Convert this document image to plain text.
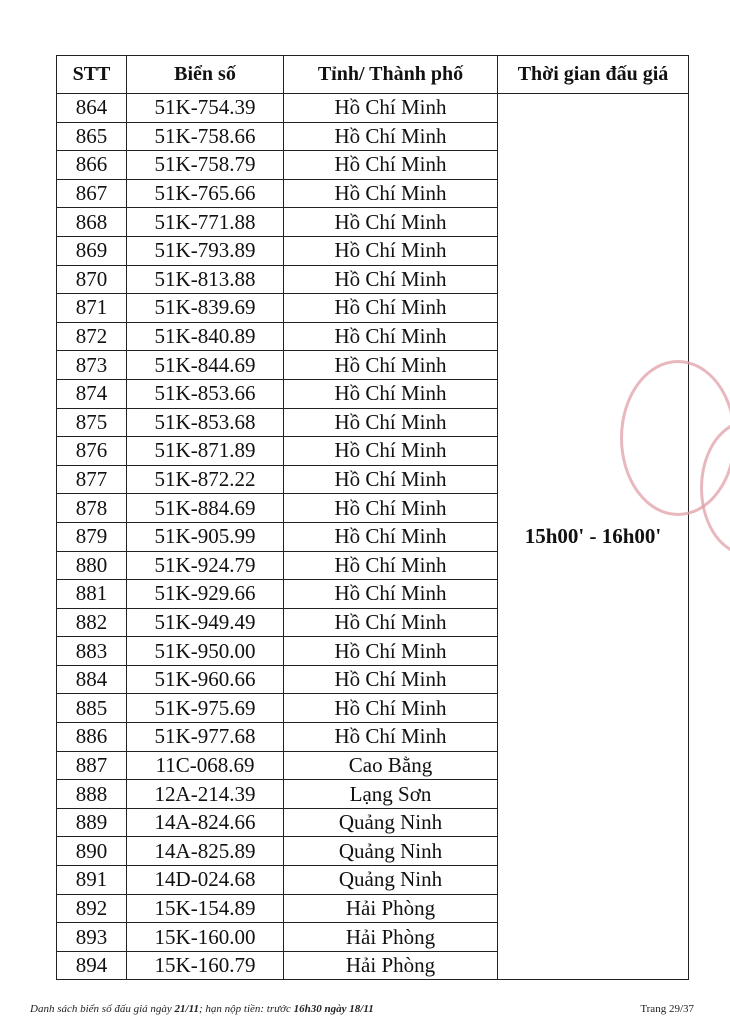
STT	Biển số	Tỉnh/ Thành phố	Thời gian đấu giá
864	51K-754.39	Hồ Chí Minh	15h00' - 16h00'
865	51K-758.66	Hồ Chí Minh	
866	51K-758.79	Hồ Chí Minh	
867	51K-765.66	Hồ Chí Minh	
868	51K-771.88	Hồ Chí Minh	
869	51K-793.89	Hồ Chí Minh	
870	51K-813.88	Hồ Chí Minh	
871	51K-839.69	Hồ Chí Minh	
872	51K-840.89	Hồ Chí Minh	
873	51K-844.69	Hồ Chí Minh	
874	51K-853.66	Hồ Chí Minh	
875	51K-853.68	Hồ Chí Minh	
876	51K-871.89	Hồ Chí Minh	
877	51K-872.22	Hồ Chí Minh	
878	51K-884.69	Hồ Chí Minh	
879	51K-905.99	Hồ Chí Minh	
880	51K-924.79	Hồ Chí Minh	
881	51K-929.66	Hồ Chí Minh	
882	51K-949.49	Hồ Chí Minh	
883	51K-950.00	Hồ Chí Minh	
884	51K-960.66	Hồ Chí Minh	
885	51K-975.69	Hồ Chí Minh	
886	51K-977.68	Hồ Chí Minh	
887	11C-068.69	Cao Bằng	
888	12A-214.39	Lạng Sơn	
889	14A-824.66	Quảng Ninh	
890	14A-825.89	Quảng Ninh	
891	14D-024.68	Quảng Ninh	
892	15K-154.89	Hải Phòng	
893	15K-160.00	Hải Phòng	
894	15K-160.79	Hải Phòng	
Danh sách biển số đấu giá ngày 21/11; hạn nộp tiền: trước 16h30 ngày 18/11	Trang 29/37
